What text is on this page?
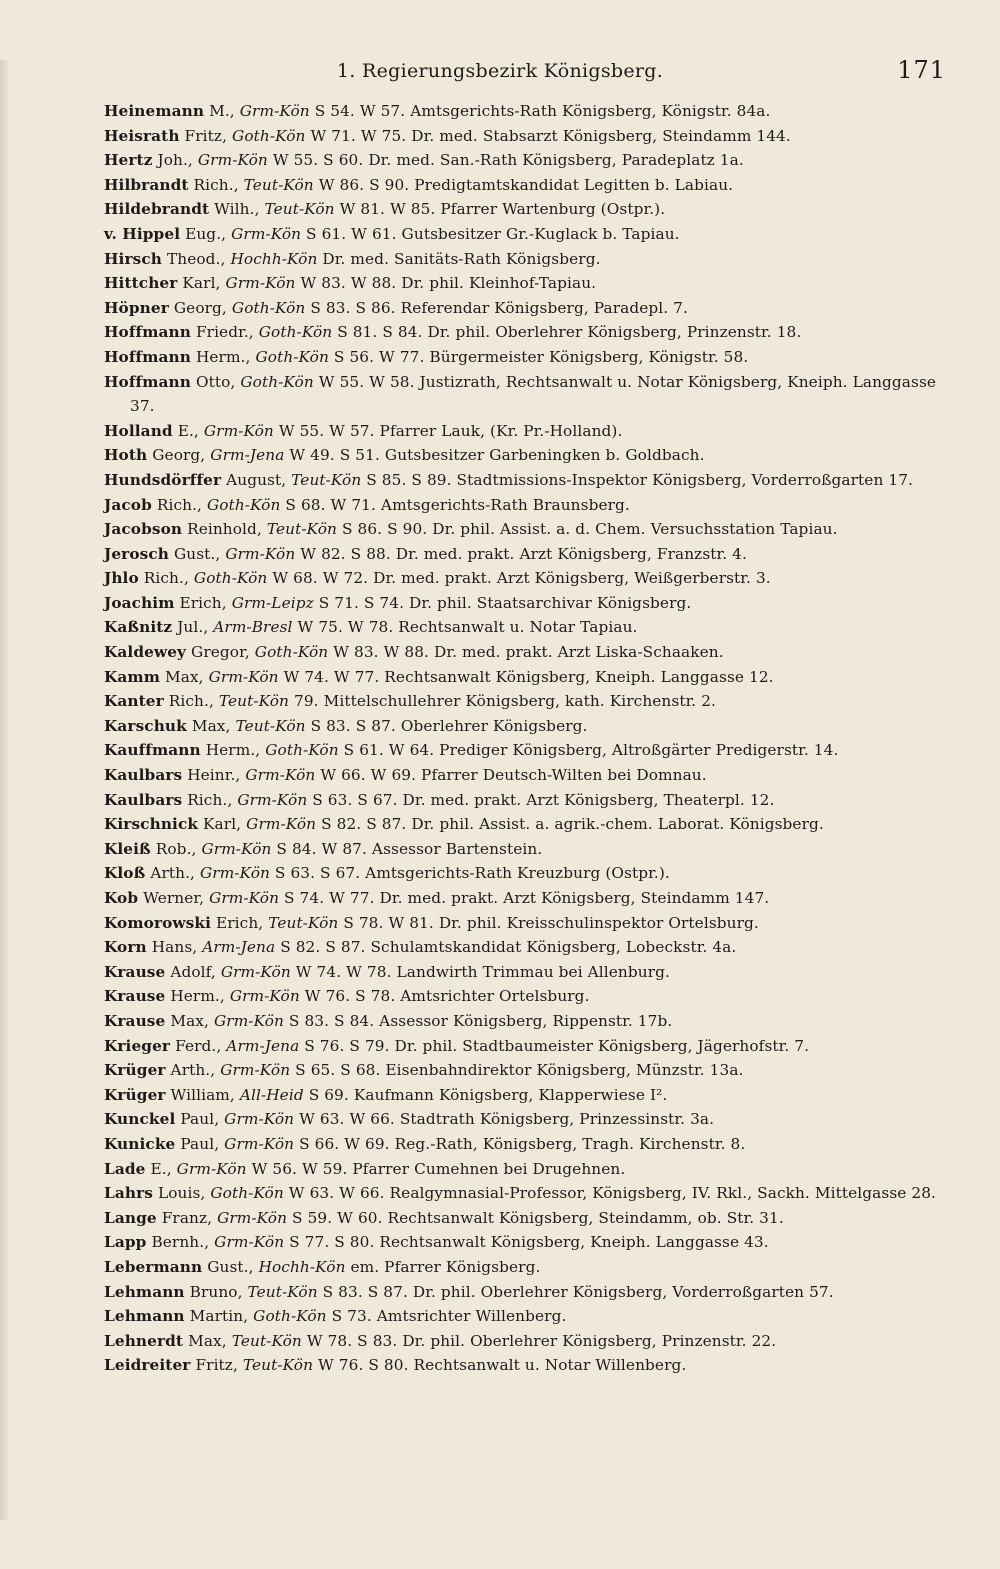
1. Regierungsbezirk Königsberg.	171
Heinemann M., Grm-Kön S 54. W 57. Amtsgerichts-Rath Königsberg, Königstr. 84a.
Heisrath Fritz, Goth-Kön W 71. W 75. Dr. med. Stabsarzt Königsberg, Steindamm 144.
Hertz Joh., Grm-Kön W 55. S 60. Dr. med. San.-Rath Königsberg, Paradeplatz 1a.
Hilbrandt Rich., Teut-Kön W 86. S 90. Predigtamtskandidat Legitten b. Labiau.
Hildebrandt Wilh., Teut-Kön W 81. W 85. Pfarrer Wartenburg (Ostpr.).
v. Hippel Eug., Grm-Kön S 61. W 61. Gutsbesitzer Gr.-Kuglack b. Tapiau.
Hirsch Theod., Hochh-Kön Dr. med. Sanitäts-Rath Königsberg.
Hittcher Karl, Grm-Kön W 83. W 88. Dr. phil. Kleinhof-Tapiau.
Höpner Georg, Goth-Kön S 83. S 86. Referendar Königsberg, Paradepl. 7.
Hoffmann Friedr., Goth-Kön S 81. S 84. Dr. phil. Oberlehrer Königsberg, Prinzenstr. 18.
Hoffmann Herm., Goth-Kön S 56. W 77. Bürgermeister Königsberg, Königstr. 58.
Hoffmann Otto, Goth-Kön W 55. W 58. Justizrath, Rechtsanwalt u. Notar Königsberg, Kneiph. Langgasse 37.
Holland E., Grm-Kön W 55. W 57. Pfarrer Lauk, (Kr. Pr.-Holland).
Hoth Georg, Grm-Jena W 49. S 51. Gutsbesitzer Garbeningken b. Goldbach.
Hundsdörffer August, Teut-Kön S 85. S 89. Stadtmissions-Inspektor Königsberg, Vorderroßgarten 17.
Jacob Rich., Goth-Kön S 68. W 71. Amtsgerichts-Rath Braunsberg.
Jacobson Reinhold, Teut-Kön S 86. S 90. Dr. phil. Assist. a. d. Chem. Versuchsstation Tapiau.
Jerosch Gust., Grm-Kön W 82. S 88. Dr. med. prakt. Arzt Königsberg, Franzstr. 4.
Jhlo Rich., Goth-Kön W 68. W 72. Dr. med. prakt. Arzt Königsberg, Weißgerberstr. 3.
Joachim Erich, Grm-Leipz S 71. S 74. Dr. phil. Staatsarchivar Königsberg.
Kaßnitz Jul., Arm-Bresl W 75. W 78. Rechtsanwalt u. Notar Tapiau.
Kaldewey Gregor, Goth-Kön W 83. W 88. Dr. med. prakt. Arzt Liska-Schaaken.
Kamm Max, Grm-Kön W 74. W 77. Rechtsanwalt Königsberg, Kneiph. Langgasse 12.
Kanter Rich., Teut-Kön 79. Mittelschullehrer Königsberg, kath. Kirchenstr. 2.
Karschuk Max, Teut-Kön S 83. S 87. Oberlehrer Königsberg.
Kauffmann Herm., Goth-Kön S 61. W 64. Prediger Königsberg, Altroßgärter Predigerstr. 14.
Kaulbars Heinr., Grm-Kön W 66. W 69. Pfarrer Deutsch-Wilten bei Domnau.
Kaulbars Rich., Grm-Kön S 63. S 67. Dr. med. prakt. Arzt Königsberg, Theaterpl. 12.
Kirschnick Karl, Grm-Kön S 82. S 87. Dr. phil. Assist. a. agrik.-chem. Laborat. Königsberg.
Kleiß Rob., Grm-Kön S 84. W 87. Assessor Bartenstein.
Kloß Arth., Grm-Kön S 63. S 67. Amtsgerichts-Rath Kreuzburg (Ostpr.).
Kob Werner, Grm-Kön S 74. W 77. Dr. med. prakt. Arzt Königsberg, Steindamm 147.
Komorowski Erich, Teut-Kön S 78. W 81. Dr. phil. Kreisschulinspektor Ortelsburg.
Korn Hans, Arm-Jena S 82. S 87. Schulamtskandidat Königsberg, Lobeckstr. 4a.
Krause Adolf, Grm-Kön W 74. W 78. Landwirth Trimmau bei Allenburg.
Krause Herm., Grm-Kön W 76. S 78. Amtsrichter Ortelsburg.
Krause Max, Grm-Kön S 83. S 84. Assessor Königsberg, Rippenstr. 17b.
Krieger Ferd., Arm-Jena S 76. S 79. Dr. phil. Stadtbaumeister Königsberg, Jägerhofstr. 7.
Krüger Arth., Grm-Kön S 65. S 68. Eisenbahndirektor Königsberg, Münzstr. 13a.
Krüger William, All-Heid S 69. Kaufmann Königsberg, Klapperwiese I².
Kunckel Paul, Grm-Kön W 63. W 66. Stadtrath Königsberg, Prinzessinstr. 3a.
Kunicke Paul, Grm-Kön S 66. W 69. Reg.-Rath, Königsberg, Tragh. Kirchenstr. 8.
Lade E., Grm-Kön W 56. W 59. Pfarrer Cumehnen bei Drugehnen.
Lahrs Louis, Goth-Kön W 63. W 66. Realgymnasial-Professor, Königsberg, IV. Rkl., Sackh. Mittelgasse 28.
Lange Franz, Grm-Kön S 59. W 60. Rechtsanwalt Königsberg, Steindamm, ob. Str. 31.
Lapp Bernh., Grm-Kön S 77. S 80. Rechtsanwalt Königsberg, Kneiph. Langgasse 43.
Lebermann Gust., Hochh-Kön em. Pfarrer Königsberg.
Lehmann Bruno, Teut-Kön S 83. S 87. Dr. phil. Oberlehrer Königsberg, Vorderroßgarten 57.
Lehmann Martin, Goth-Kön S 73. Amtsrichter Willenberg.
Lehnerdt Max, Teut-Kön W 78. S 83. Dr. phil. Oberlehrer Königsberg, Prinzenstr. 22.
Leidreiter Fritz, Teut-Kön W 76. S 80. Rechtsanwalt u. Notar Willenberg.
